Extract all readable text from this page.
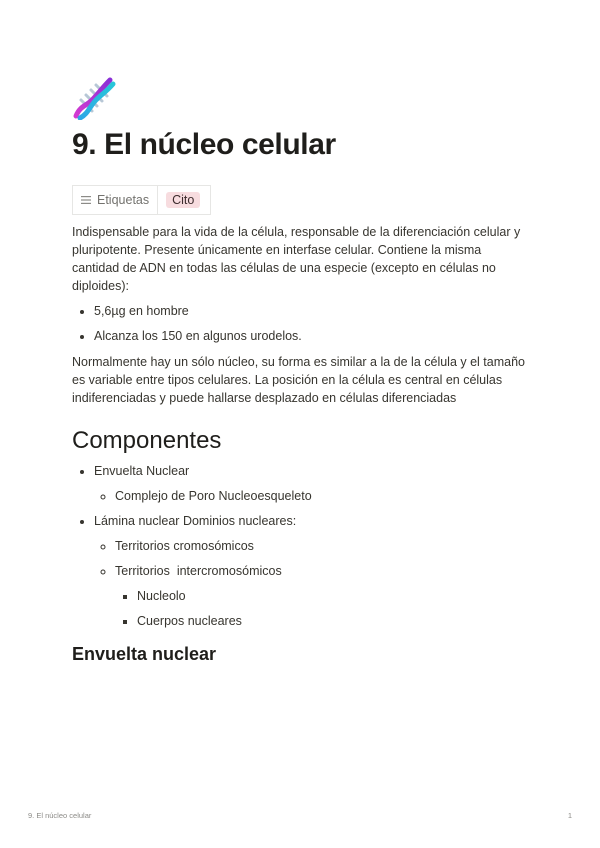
9. El núcleo celular
Etiquetas	Cito

Indispensable para la vida de la célula, responsable de la diferenciación celular y pluripotente. Presente únicamente en interfase celular. Contiene la misma cantidad de ADN en todas las células de una especie (excepto en células no diploides):

• 5,6µg en hombre
• Alcanza los 150 en algunos urodelos.

Normalmente hay un sólo núcleo, su forma es similar a la de la célula y el tamaño es variable entre tipos celulares. La posición en la célula es central en células indiferenciadas y puede hallarse desplazado en células diferenciadas

Componentes
• Envuelta Nuclear
◦ Complejo de Poro Nucleoesqueleto
• Lámina nuclear Dominios nucleares:
◦ Territorios cromosómicos
◦ Territorios  intercromosómicos
▪ Nucleolo
▪ Cuerpos nucleares
Envuelta nuclear
9. El núcleo celular	1
